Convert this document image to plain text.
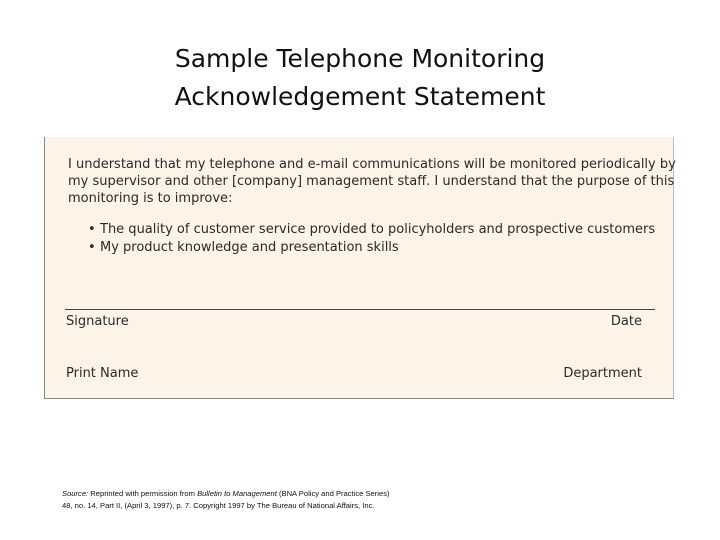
Sample Telephone Monitoring
Acknowledgement Statement
I understand that my telephone and e-mail communications will be monitored periodically by
my supervisor and other [company] management staff. I understand that the purpose of this
monitoring is to improve:
• The quality of customer service provided to policyholders and prospective customers
• My product knowledge and presentation skills
Signature	Date
Print Name	Department
Source: Reprinted with permission from Bulletin to Management (BNA Policy and Practice Series)
48, no. 14, Part II, (April 3, 1997), p. 7. Copyright 1997 by The Bureau of National Affairs, Inc.
